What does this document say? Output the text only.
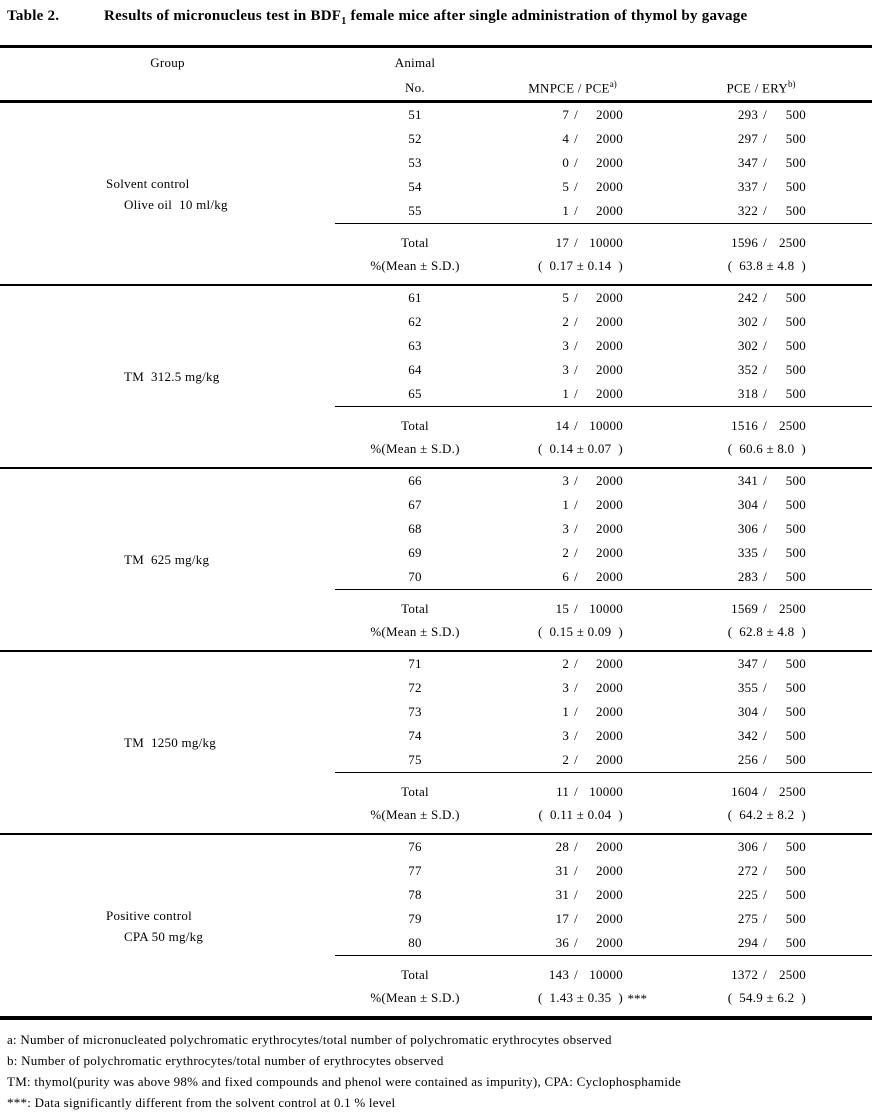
Table 2.	Results of micronucleus test in $BDF_1$ female mice after single administration of thymol by gavage
Group	Animal		
	No.	MNPCE / PCE$^{a)}$	PCE / ERY$^{b)}$

Solvent control
Olive oil  10 ml/kg	51	7 / 2000	293 / 500
	52	4 / 2000	297 / 500
	53	0 / 2000	347 / 500
	54	5 / 2000	337 / 500
	55	1 / 2000	322 / 500
	Total	17 / 10000	1596 / 2500
	%(Mean ± S.D.)	(  0.17 ± 0.14  )	(  63.8 ± 4.8  )

TM  312.5 mg/kg	61	5 / 2000	242 / 500
	62	2 / 2000	302 / 500
	63	3 / 2000	302 / 500
	64	3 / 2000	352 / 500
	65	1 / 2000	318 / 500
	Total	14 / 10000	1516 / 2500
	%(Mean ± S.D.)	(  0.14 ± 0.07  )	(  60.6 ± 8.0  )

TM  625 mg/kg	66	3 / 2000	341 / 500
	67	1 / 2000	304 / 500
	68	3 / 2000	306 / 500
	69	2 / 2000	335 / 500
	70	6 / 2000	283 / 500
	Total	15 / 10000	1569 / 2500
	%(Mean ± S.D.)	(  0.15 ± 0.09  )	(  62.8 ± 4.8  )

TM  1250 mg/kg	71	2 / 2000	347 / 500
	72	3 / 2000	355 / 500
	73	1 / 2000	304 / 500
	74	3 / 2000	342 / 500
	75	2 / 2000	256 / 500
	Total	11 / 10000	1604 / 2500
	%(Mean ± S.D.)	(  0.11 ± 0.04  )	(  64.2 ± 8.2  )

Positive control
CPA 50 mg/kg	76	28 / 2000	306 / 500
	77	31 / 2000	272 / 500
	78	31 / 2000	225 / 500
	79	17 / 2000	275 / 500
	80	36 / 2000	294 / 500
	Total	143 / 10000	1372 / 2500
	%(Mean ± S.D.)	(  1.43 ± 0.35  ) ***	(  54.9 ± 6.2  )
a: Number of micronucleated polychromatic erythrocytes/total number of polychromatic erythrocytes observed
b: Number of polychromatic erythrocytes/total number of erythrocytes observed
TM: thymol(purity was above 98% and fixed compounds and phenol were contained as impurity), CPA: Cyclophosphamide
***: Data significantly different from the solvent control at 0.1 % level
